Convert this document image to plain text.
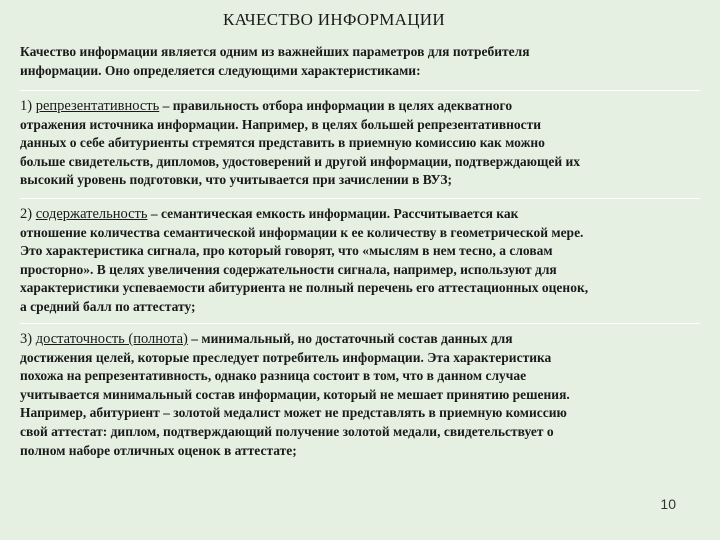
КАЧЕСТВО ИНФОРМАЦИИ
Качество информации является одним из важнейших параметров для потребителя
информации. Оно определяется следующими характеристиками:
1) репрезентативность – правильность отбора информации в целях адекватного
отражения источника информации. Например, в целях большей репрезентативности
данных о себе абитуриенты стремятся представить в приемную комиссию как можно
больше свидетельств, дипломов, удостоверений и другой информации, подтверждающей их
высокий уровень подготовки, что учитывается при зачислении в ВУЗ;
2) содержательность – семантическая емкость информации. Рассчитывается как
отношение количества семантической информации к ее количеству в геометрической мере.
Это характеристика сигнала, про который говорят, что «мыслям в нем тесно, а словам
просторно». В целях увеличения содержательности сигнала, например, используют для
характеристики успеваемости абитуриента не полный перечень его аттестационных оценок,
а средний балл по аттестату;
3) достаточность (полнота) – минимальный, но достаточный состав данных для
достижения целей, которые преследует потребитель информации. Эта характеристика
похожа на репрезентативность, однако разница состоит в том, что в данном случае
учитывается минимальный состав информации, который не мешает принятию решения.
Например, абитуриент – золотой медалист может не представлять в приемную комиссию
свой аттестат: диплом, подтверждающий получение золотой медали, свидетельствует о
полном наборе отличных оценок в аттестате;
10
